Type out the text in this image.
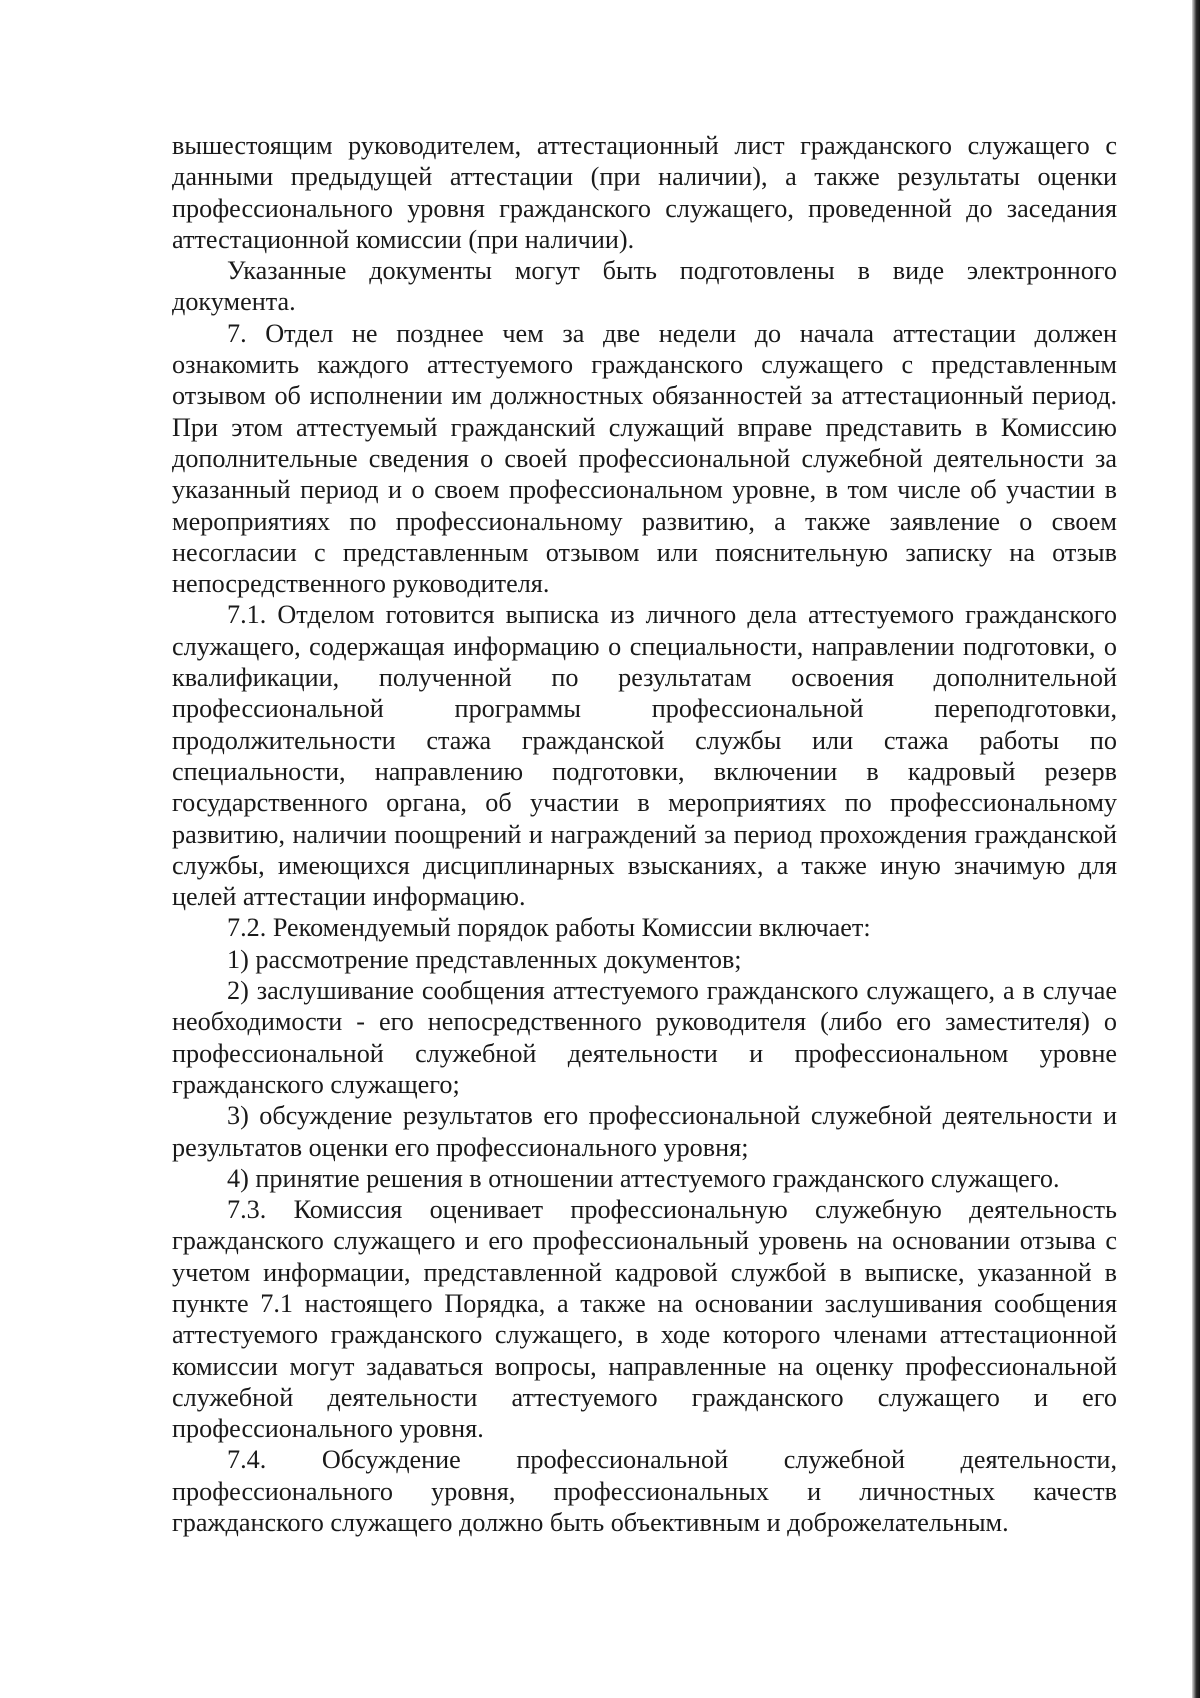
вышестоящим руководителем, аттестационный лист гражданского служащего с данными предыдущей аттестации (при наличии), а также результаты оценки профессионального уровня гражданского служащего, проведенной до заседания аттестационной комиссии (при наличии).

Указанные документы могут быть подготовлены в виде электронного документа.

7. Отдел не позднее чем за две недели до начала аттестации должен ознакомить каждого аттестуемого гражданского служащего с представленным отзывом об исполнении им должностных обязанностей за аттестационный период. При этом аттестуемый гражданский служащий вправе представить в Комиссию дополнительные сведения о своей профессиональной служебной деятельности за указанный период и о своем профессиональном уровне, в том числе об участии в мероприятиях по профессиональному развитию, а также заявление о своем несогласии с представленным отзывом или пояснительную записку на отзыв непосредственного руководителя.

7.1. Отделом готовится выписка из личного дела аттестуемого гражданского служащего, содержащая информацию о специальности, направлении подготовки, о квалификации, полученной по результатам освоения дополнительной профессиональной программы профессиональной переподготовки, продолжительности стажа гражданской службы или стажа работы по специальности, направлению подготовки, включении в кадровый резерв государственного органа, об участии в мероприятиях по профессиональному развитию, наличии поощрений и награждений за период прохождения гражданской службы, имеющихся дисциплинарных взысканиях, а также иную значимую для целей аттестации информацию.

7.2. Рекомендуемый порядок работы Комиссии включает:

1) рассмотрение представленных документов;

2) заслушивание сообщения аттестуемого гражданского служащего, а в случае необходимости - его непосредственного руководителя (либо его заместителя) о профессиональной служебной деятельности и профессиональном уровне гражданского служащего;

3) обсуждение результатов его профессиональной служебной деятельности и результатов оценки его профессионального уровня;

4) принятие решения в отношении аттестуемого гражданского служащего.

7.3. Комиссия оценивает профессиональную служебную деятельность гражданского служащего и его профессиональный уровень на основании отзыва с учетом информации, представленной кадровой службой в выписке, указанной в пункте 7.1 настоящего Порядка, а также на основании заслушивания сообщения аттестуемого гражданского служащего, в ходе которого членами аттестационной комиссии могут задаваться вопросы, направленные на оценку профессиональной служебной деятельности аттестуемого гражданского служащего и его профессионального уровня.

7.4. Обсуждение профессиональной служебной деятельности, профессионального уровня, профессиональных и личностных качеств гражданского служащего должно быть объективным и доброжелательным.
